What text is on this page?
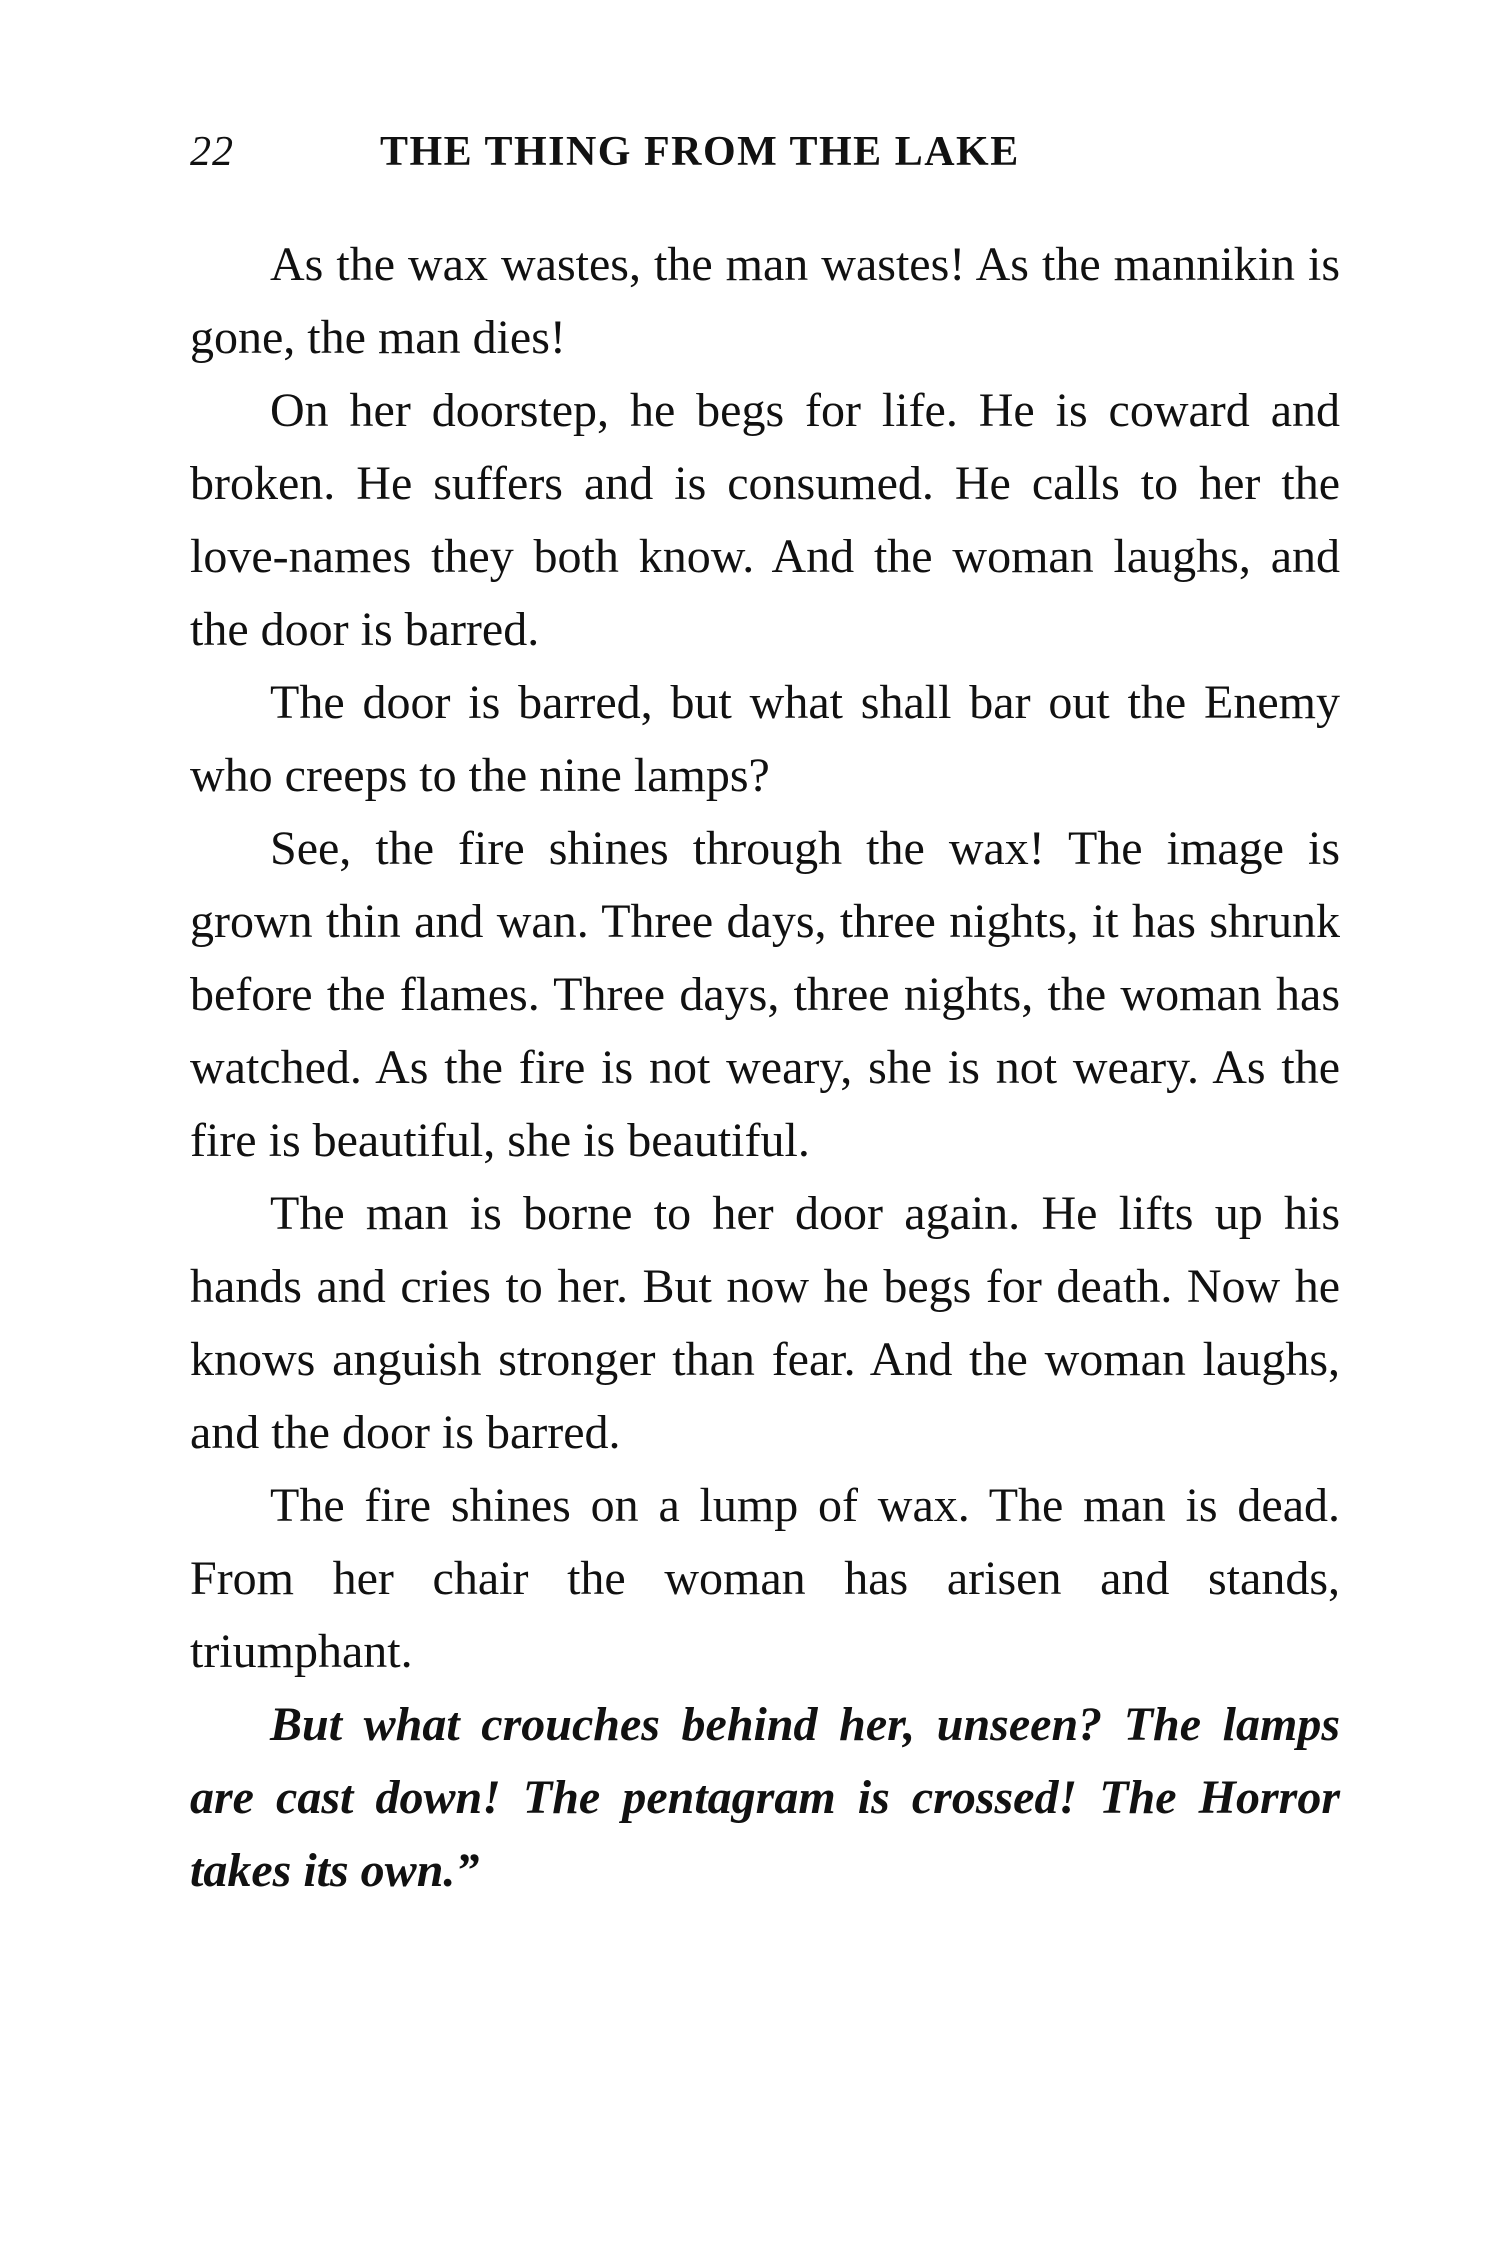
22	THE THING FROM THE LAKE

As the wax wastes, the man wastes! As the mannikin is gone, the man dies!

On her doorstep, he begs for life. He is coward and broken. He suffers and is consumed. He calls to her the love-names they both know. And the woman laughs, and the door is barred.

The door is barred, but what shall bar out the Enemy who creeps to the nine lamps?

See, the fire shines through the wax! The image is grown thin and wan. Three days, three nights, it has shrunk before the flames. Three days, three nights, the woman has watched. As the fire is not weary, she is not weary. As the fire is beautiful, she is beautiful.

The man is borne to her door again. He lifts up his hands and cries to her. But now he begs for death. Now he knows anguish stronger than fear. And the woman laughs, and the door is barred.

The fire shines on a lump of wax. The man is dead. From her chair the woman has arisen and stands, triumphant.

But what crouches behind her, unseen? The lamps are cast down! The pentagram is crossed! The Horror takes its own.”
